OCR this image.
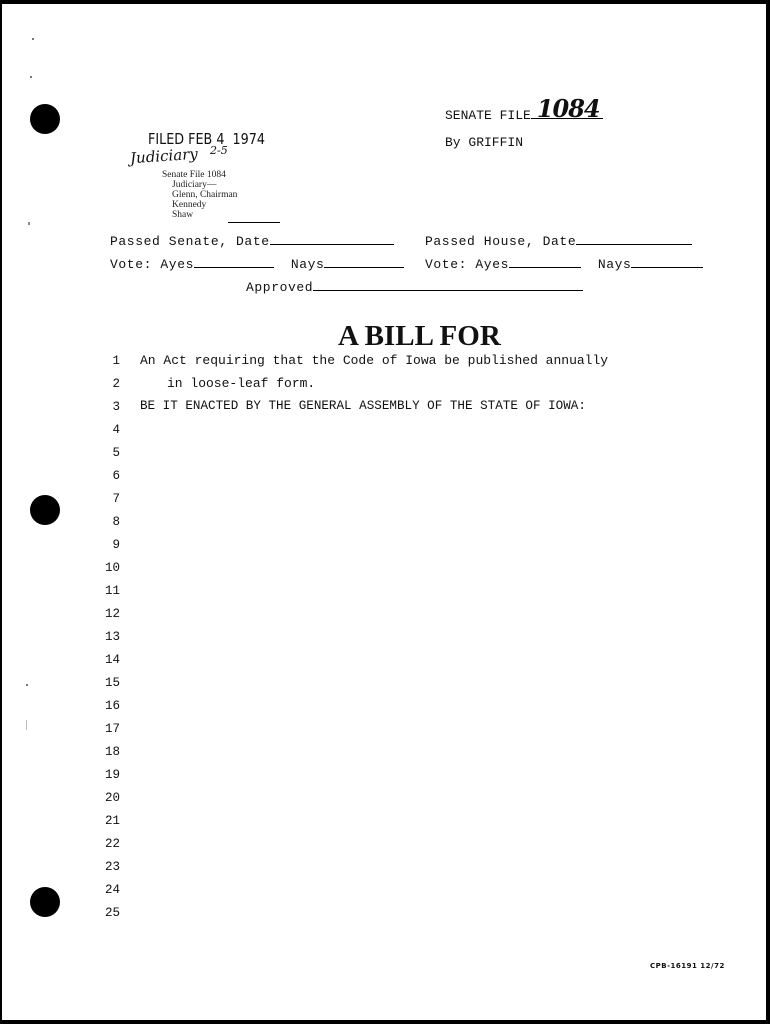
SENATE FILE 1084
By GRIFFIN
FILED FEB 4 1974
Judiciary 2-5
Senate File 1084
Judiciary—
Glenn, Chairman
Kennedy
Shaw
Passed Senate, Date	Passed House, Date
Vote: Ayes	Nays	Vote: Ayes	Nays
Approved
A BILL FOR
1
2
3
4
5
6
7
8
9
10
11
12
13
14
15
16
17
18
19
20
21
22
23
24
25
An Act requiring that the Code of Iowa be published annually
in loose-leaf form.
BE IT ENACTED BY THE GENERAL ASSEMBLY OF THE STATE OF IOWA:
CPB-16191 12/72
